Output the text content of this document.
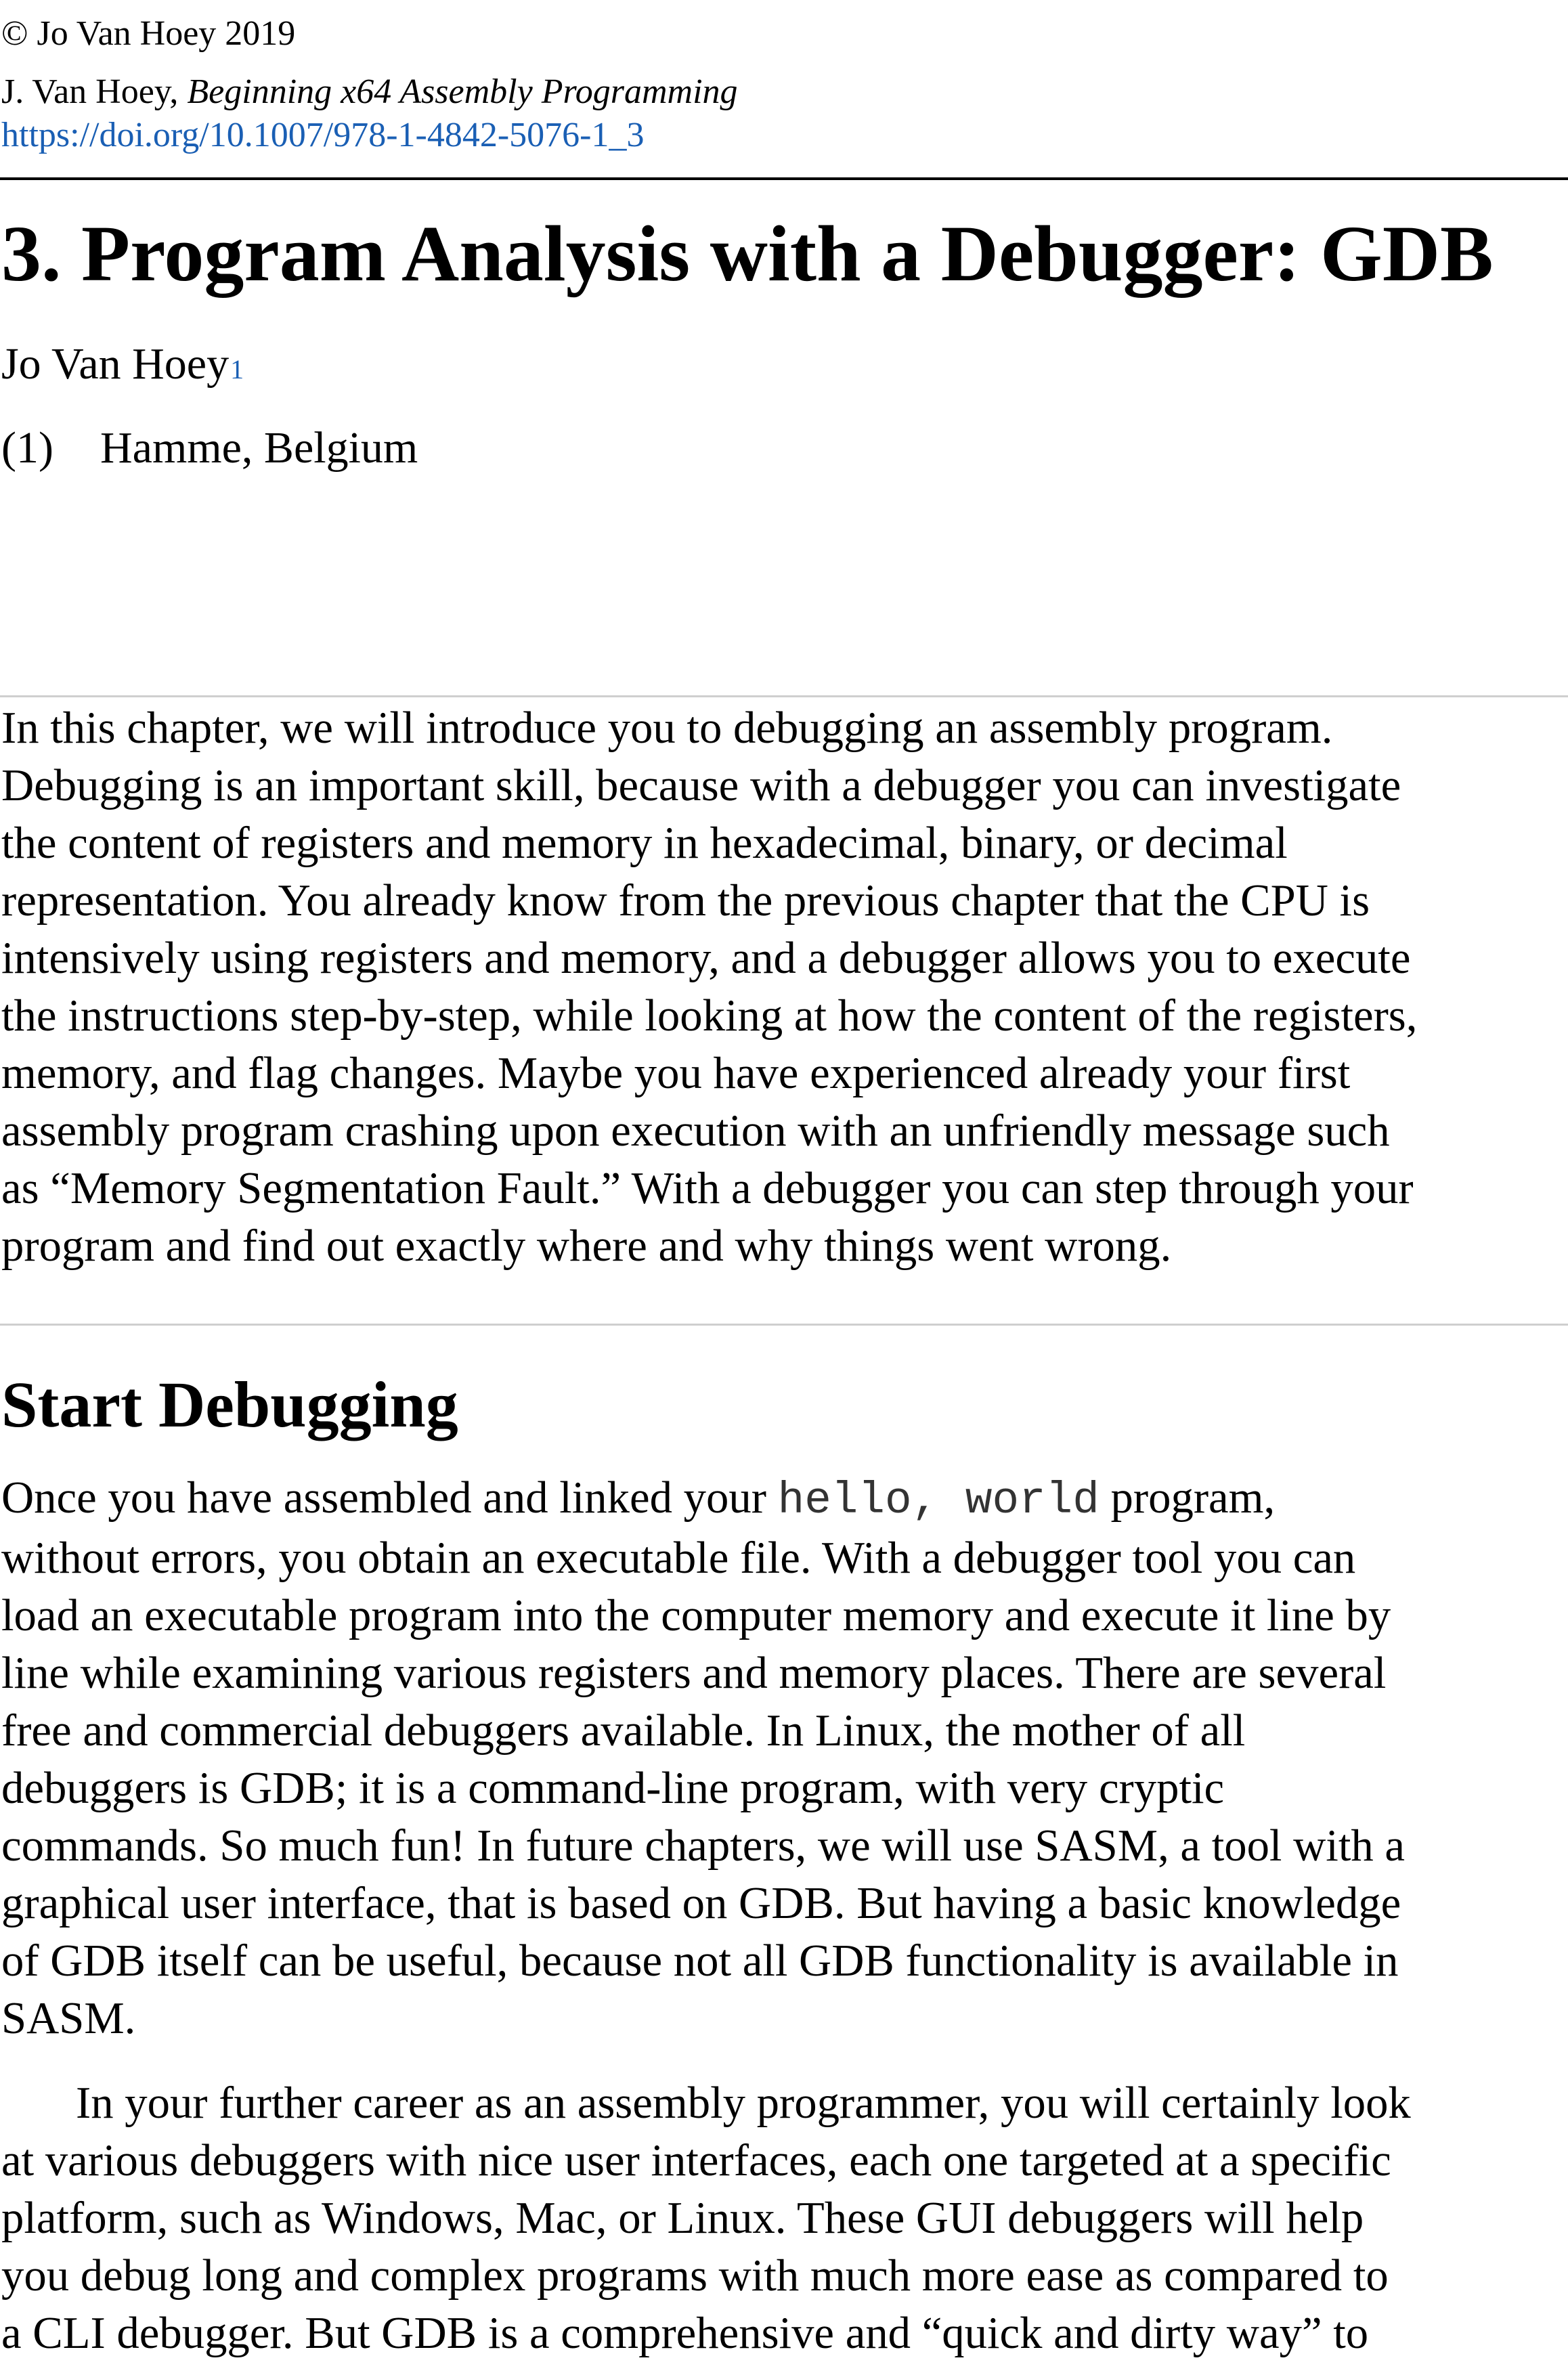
© Jo Van Hoey 2019
J. Van Hoey, Beginning x64 Assembly Programming
https://doi.org/10.1007/978-1-4842-5076-1_3
3. Program Analysis with a Debugger: GDB
Jo Van Hoey$^1$
(1) Hamme, Belgium

In this chapter, we will introduce you to debugging an assembly program.
Debugging is an important skill, because with a debugger you can investigate
the content of registers and memory in hexadecimal, binary, or decimal
representation. You already know from the previous chapter that the CPU is
intensively using registers and memory, and a debugger allows you to execute
the instructions step-by-step, while looking at how the content of the registers,
memory, and flag changes. Maybe you have experienced already your first
assembly program crashing upon execution with an unfriendly message such
as “Memory Segmentation Fault.” With a debugger you can step through your
program and find out exactly where and why things went wrong.

Start Debugging

Once you have assembled and linked your hello, world program,
without errors, you obtain an executable file. With a debugger tool you can
load an executable program into the computer memory and execute it line by
line while examining various registers and memory places. There are several
free and commercial debuggers available. In Linux, the mother of all
debuggers is GDB; it is a command-line program, with very cryptic
commands. So much fun! In future chapters, we will use SASM, a tool with a
graphical user interface, that is based on GDB. But having a basic knowledge
of GDB itself can be useful, because not all GDB functionality is available in
SASM.

In your further career as an assembly programmer, you will certainly look
at various debuggers with nice user interfaces, each one targeted at a specific
platform, such as Windows, Mac, or Linux. These GUI debuggers will help
you debug long and complex programs with much more ease as compared to
a CLI debugger. But GDB is a comprehensive and “quick and dirty way” to
